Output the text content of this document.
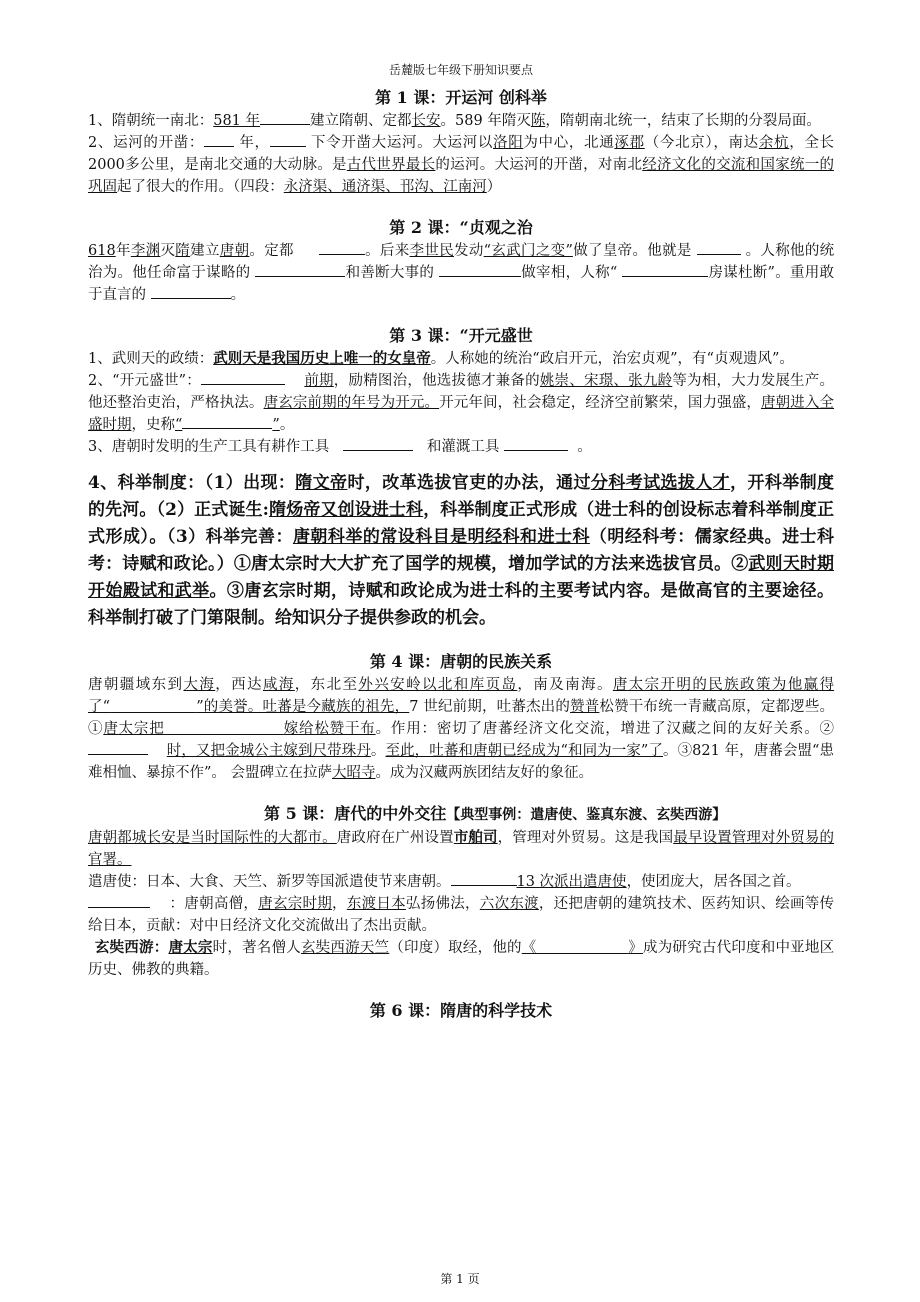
岳麓版七年级下册知识要点
第 1 课：开运河 创科举

1、隋朝统一南北：581 年	建立隋朝、定都长安。589 年隋灭陈，隋朝南北统一，结束了长期的分裂局面。

2、运河的开凿： 年， 下令开凿大运河。大运河以洛阳为中心，北通涿郡（今北京），南达余杭，全长2000多公里，是南北交通的大动脉。是古代世界最长的运河。大运河的开凿，对南北经济文化的交流和国家统一的巩固起了很大的作用。（四段：永济渠、通济渠、邗沟、江南河）

第 2 课：“贞观之治

618年李渊灭隋建立唐朝。定都	。后来李世民发动“玄武门之变”做了皇帝。他就是	。人称他的统治为。他任命富于谋略的	和善断大事的	做宰相，人称“	房谋杜断”。重用敢于直言的	。

第 3 课：“开元盛世

1、武则天的政绩：武则天是我国历史上唯一的女皇帝。人称她的统治“政启开元，治宏贞观”，有“贞观遗风”。

2、“开元盛世”：	前期，励精图治，他选拔德才兼备的姚崇、宋璟、张九龄等为相，大力发展生产。他还整治吏治，严格执法。唐玄宗前期的年号为开元。开元年间，社会稳定，经济空前繁荣，国力强盛，唐朝进入全盛时期，史称“	”。

3、唐朝时发明的生产工具有耕作工具	和灌溉工具	。

4、科举制度：（1）出现：隋文帝时，改革选拔官吏的办法，通过分科考试选拔人才，开科举制度的先河。（2）正式诞生:隋炀帝又创设进士科，科举制度正式形成（进士科的创设标志着科举制度正式形成）。（3）科举完善：唐朝科举的常设科目是明经科和进士科（明经科考：儒家经典。进士科考：诗赋和政论。）①唐太宗时大大扩充了国学的规模，增加学试的方法来选拔官员。②武则天时期开始殿试和武举。③唐玄宗时期，诗赋和政论成为进士科的主要考试内容。是做高官的主要途径。科举制打破了门第限制。给知识分子提供参政的机会。

第 4 课：唐朝的民族关系

唐朝疆域东到大海，西达咸海，东北至外兴安岭以北和库页岛，南及南海。唐太宗开明的民族政策为他赢得了“	”的美誉。吐蕃是今藏族的祖先，7 世纪前期，吐蕃杰出的赞普松赞干布统一青藏高原，定都逻些。①唐太宗把	嫁给松赞干布。作用：密切了唐蕃经济文化交流，增进了汉藏之间的友好关系。②    时，又把金城公主嫁到尺带珠丹。至此，吐蕃和唐朝已经成为“和同为一家”了。③821 年，唐蕃会盟“患难相恤、暴掠不作”。 会盟碑立在拉萨大昭寺。成为汉藏两族团结友好的象征。

第 5 课：唐代的中外交往【典型事例：遣唐使、鉴真东渡、玄奘西游】

唐朝都城长安是当时国际性的大都市。唐政府在广州设置市舶司，管理对外贸易。这是我国最早设置管理对外贸易的官署。

遣唐使：日本、大食、天竺、新罗等国派遣使节来唐朝。	13 次派出遣唐使，使团庞大，居各国之首。

：唐朝高僧，唐玄宗时期，东渡日本弘扬佛法，六次东渡，还把唐朝的建筑技术、医药知识、绘画等传给日本，贡献：对中日经济文化交流做出了杰出贡献。

玄奘西游：唐太宗时，著名僧人玄奘西游天竺（印度）取经，他的《	》成为研究古代印度和中亚地区历史、佛教的典籍。

第 6 课：隋唐的科学技术
第 1 页
